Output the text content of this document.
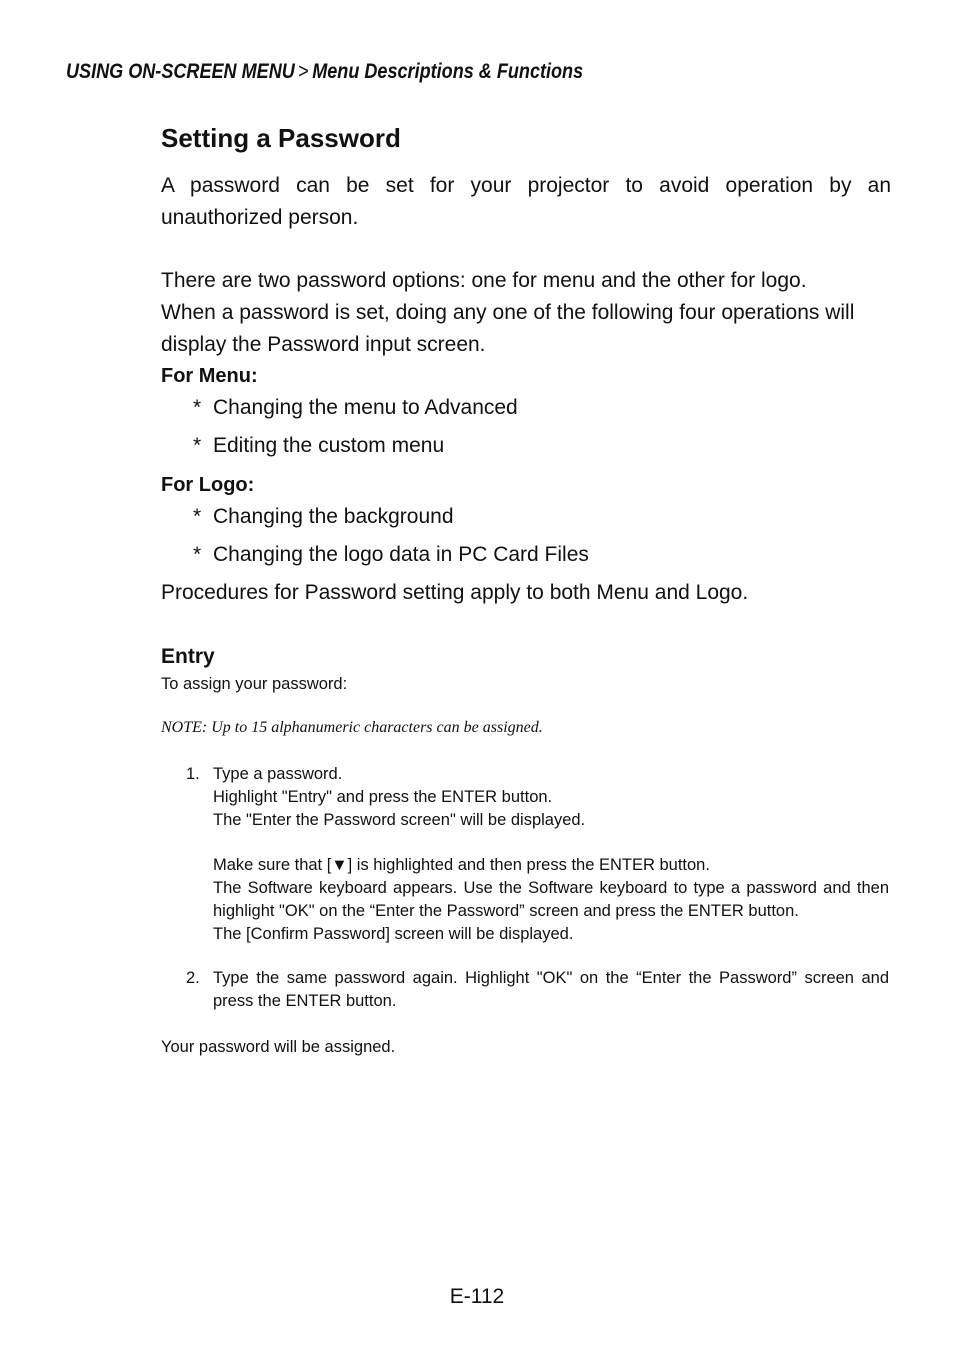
USING ON-SCREEN MENU > Menu Descriptions & Functions
Setting a Password
A password can be set for your projector to avoid operation by an unauthorized person.
There are two password options: one for menu and the other for logo.
When a password is set, doing any one of the following four operations will display the Password input screen.
For Menu:
* Changing the menu to Advanced
* Editing the custom menu
For Logo:
* Changing the background
* Changing the logo data in PC Card Files
Procedures for Password setting apply to both Menu and Logo.
Entry
To assign your password:
NOTE: Up to 15 alphanumeric characters can be assigned.
1. Type a password.

Highlight "Entry" and press the ENTER button.

The "Enter the Password screen" will be displayed.

Make sure that [▼] is highlighted and then press the ENTER button.

The Software keyboard appears. Use the Software keyboard to type a password and then highlight "OK" on the “Enter the Password” screen and press the ENTER button.

The [Confirm Password] screen will be displayed.

2. Type the same password again. Highlight "OK" on the “Enter the Password” screen and press the ENTER button.

Your password will be assigned.
E-112
